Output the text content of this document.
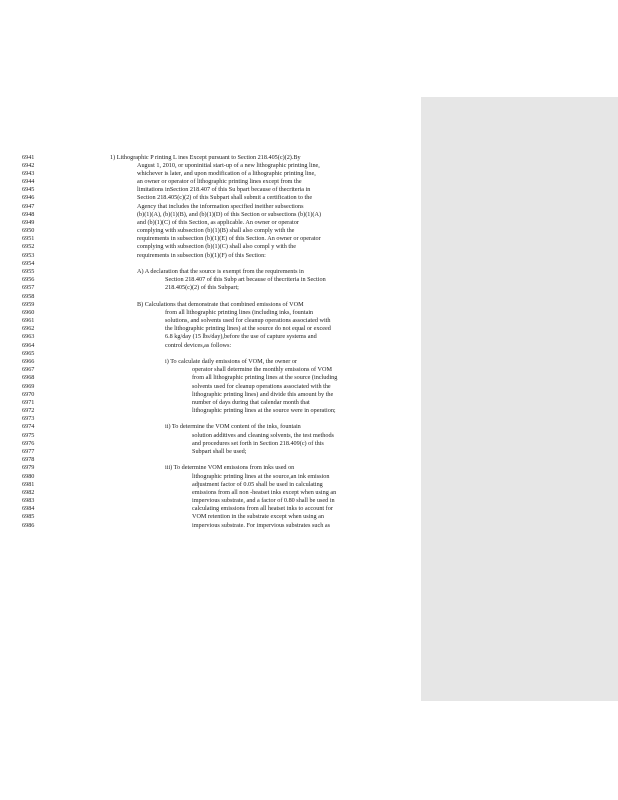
6941	1) Lithographic P rinting L ines Except pursuant to Section 218.405(c)(2).By
6942	August 1, 2010, or uponinitial start-up of a new lithographic printing line,
6943	whichever is later, and upon modification of a lithographic printing line,
6944	an owner or operator of lithographic printing lines except from the
6945	limitations inSection 218.407 of this Su bpart because of thecriteria in
6946	Section 218.405(c)(2) of this Subpart shall submit a certification to the
6947	Agency that includes the information specified ineither subsections
6948	(b)(1)(A), (b)(1)(B), and (b)(1)(D) of this Section or subsections (b)(1)(A)
6949	and (b)(1)(C) of this Section, as applicable. An owner or operator
6950	complying with subsection (b)(1)(B) shall also comply with the
6951	requirements in subsection (b)(1)(E) of this Section. An owner or operator
6952	complying with subsection (b)(1)(C) shall also compl y with the
6953	requirements in subsection (b)(1)(F) of this Section:
6954
6955	A) A declaration that the source is exempt from the requirements in
6956	Section 218.407 of this Subp art because of thecriteria in Section
6957	218.405(c)(2) of this Subpart;
6958
6959	B) Calculations that demonstrate that combined emissions of VOM
6960	from all lithographic printing lines (including inks, fountain
6961	solutions, and solvents used for cleanup operations associated with
6962	the lithographic printing lines) at the source do not equal or exceed
6963	6.8 kg/day (15 lbs/day),before the use of capture systems and
6964	control devices,as follows:
6965
6966	i) To calculate daily emissions of VOM, the owner or
6967	operator shall determine the monthly emissions of VOM
6968	from all lithographic printing lines at the source (including
6969	solvents used for cleanup operations associated with the
6970	lithographic printing lines) and divide this amount by the
6971	number of days during that calendar month that
6972	lithographic printing lines at the source were in operation;
6973
6974	ii) To determine the VOM content of the inks, fountain
6975	solution additives and cleaning solvents, the test methods
6976	and procedures set forth in Section 218.409(c) of this
6977	Subpart shall be used;
6978
6979	iii) To determine VOM emissions from inks used on
6980	lithographic printing lines at the source,an ink emission
6981	adjustment factor of 0.05 shall be used in calculating
6982	emissions from all non -heatset inks except when using an
6983	impervious substrate, and a factor of 0.80 shall be used in
6984	calculating emissions from all heatset inks to account for
6985	VOM retention in the substrate except when using an
6986	impervious substrate. For impervious substrates such as
